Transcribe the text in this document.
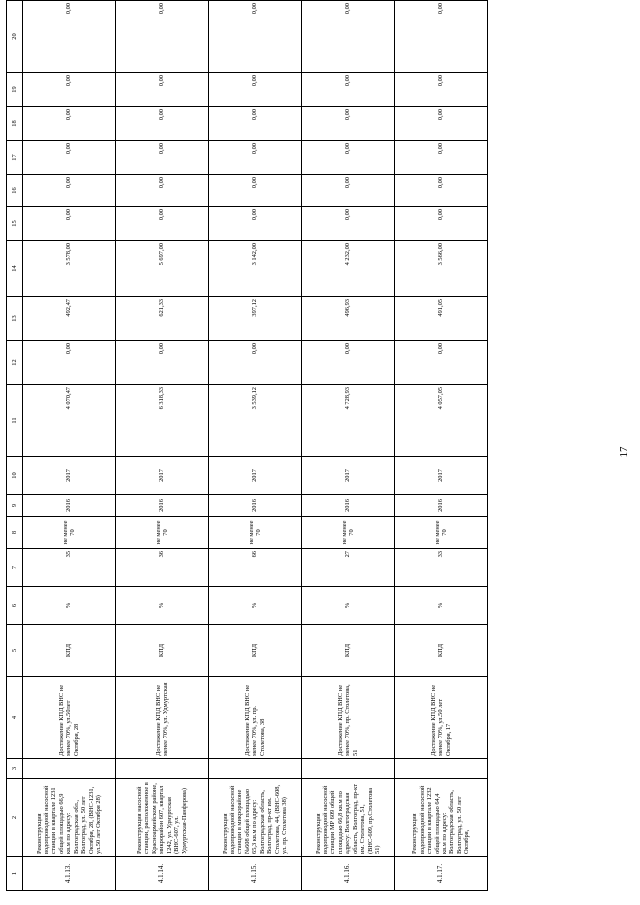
17
1	2	3	4	5	6	7	8	9	10	11	12	13	14	15	16	17	18	19	20
4.1.13.	Реконструкция водопроводной насосной станции в квартале 1231 общей площадью 66,9 кв.м по адресу: Волгоградская обл., Волгоград, ул. 50 лет Октября, 28, (ВНС-1231, ул.50 лет Октября 28)		Достижение КПД ВНС не менее 70%, ул.50лет Октября, 28	КПД	%	35	не менее 70	2016	2017	4 070,47	0,00	492,47	3 578,00	0,00	0,00	0,00	0,00	0,00	0,00
4.1.14.	Реконструкция насосной станции, расположенное в Красноармейском районе, микрорайон 607, квартал 1242, ул. Удмуртская (ВНС-607, ул. Удмуртская-Панферова)		Достижение КПД ВНС не менее 70%, ул. Удмуртская	КПД	%	36	не менее 70	2016	2017	6 318,33	0,00	621,33	5 697,00	0,00	0,00	0,00	0,00	0,00	0,00
4.1.15.	Реконструкция водопроводной насосной станции в микрорайоне №608 общей площадью 65,3 кв.м по адресу: Волгоградская область, Волгоград, пр-кт им. Столетова, 44, (ВНС-608, ул. пр. Столетова 38)		Достижение КПД ВНС не менее 70%, ул. пр. Столетова, 38	КПД	%	66	не менее 70	2016	2017	3 539,12	0,00	397,12	3 142,00	0,00	0,00	0,00	0,00	0,00	0,00
4.1.16.	Реконструкция водопроводной насосной станции МР 609 общей площадью 66,8 кв.м по адресу: Волгоградская область, Волгоград, пр-кт им. Столетова, 51, (ВНС-609, пр.Столетова 51)		Достижение КПД ВНС не менее 70%, пр. Столетова, 51	КПД	%	27	не менее 70	2016	2017	4 728,93	0,00	496,93	4 232,00	0,00	0,00	0,00	0,00	0,00	0,00
4.1.17.	Реконструкция водопроводной насосной станции в квартале 1232 общей площадью 64,4 кв.м по адресу: Волгоградская область, Волгоград, ул. 50 лет Октября,		Достижение КПД ВНС не менее 70%, ул.50 лет Октября, 17	КПД	%	33	не менее 70	2016	2017	4 057,05	0,00	491,05	3 566,00	0,00	0,00	0,00	0,00	0,00	0,00
